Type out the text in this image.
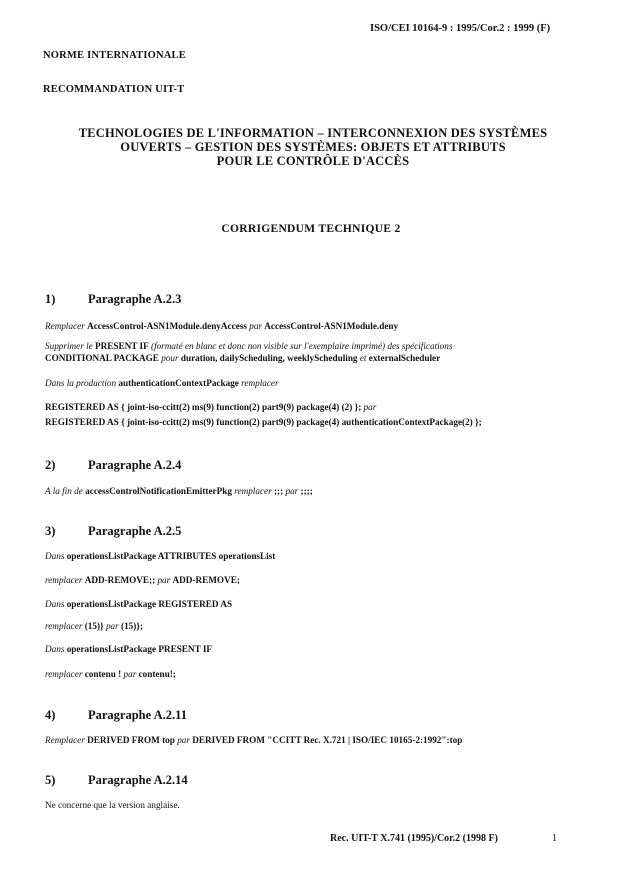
ISO/CEI 10164-9 : 1995/Cor.2 : 1999 (F)
NORME INTERNATIONALE
RECOMMANDATION UIT-T
TECHNOLOGIES DE L'INFORMATION – INTERCONNEXION DES SYSTÈMES
OUVERTS – GESTION DES SYSTÈMES: OBJETS ET ATTRIBUTS
POUR LE CONTRÔLE D'ACCÈS
CORRIGENDUM TECHNIQUE 2
1)	Paragraphe A.2.3
Remplacer AccessControl-ASN1Module.denyAccess par AccessControl-ASN1Module.deny
Supprimer le PRESENT IF (formaté en blanc et donc non visible sur l'exemplaire imprimé) des spécifications
CONDITIONAL PACKAGE pour duration, dailyScheduling, weeklyScheduling et externalScheduler
Dans la production authenticationContextPackage remplacer
REGISTERED AS { joint-iso-ccitt(2) ms(9) function(2) part9(9) package(4) (2) }; par
REGISTERED AS { joint-iso-ccitt(2) ms(9) function(2) part9(9) package(4) authenticationContextPackage(2) };
2)	Paragraphe A.2.4
A la fin de accessControlNotificationEmitterPkg remplacer ;;; par ;;;;
3)	Paragraphe A.2.5
Dans operationsListPackage ATTRIBUTES operationsList
remplacer ADD-REMOVE;; par ADD-REMOVE;
Dans operationsListPackage REGISTERED AS
remplacer (15)} par (15)};
Dans operationsListPackage PRESENT IF
remplacer contenu ! par contenu!;
4)	Paragraphe A.2.11
Remplacer DERIVED FROM top par DERIVED FROM "CCITT Rec. X.721 | ISO/IEC 10165-2:1992":top
5)	Paragraphe A.2.14
Ne concerne que la version anglaise.
Rec. UIT-T X.741 (1995)/Cor.2 (1998 F)	1
